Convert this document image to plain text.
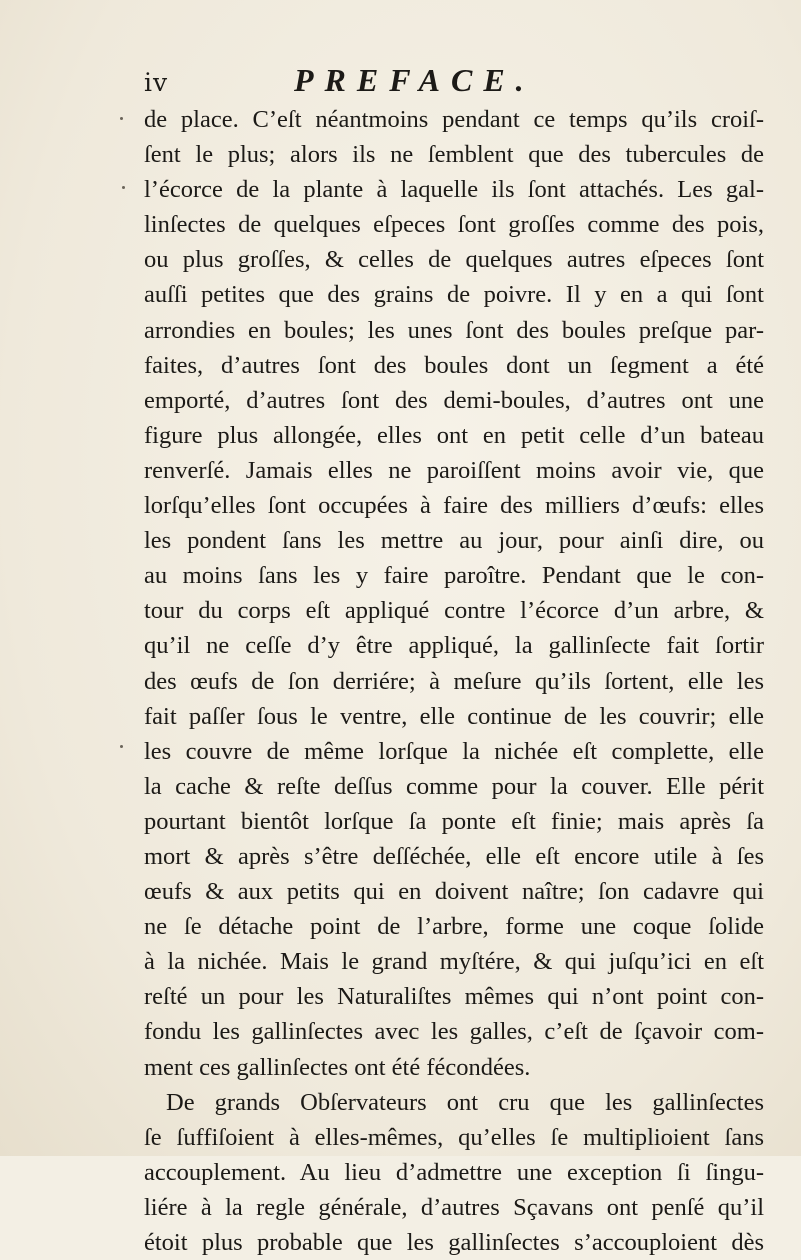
iv	PREFACE.
de place. C’eſt néantmoins pendant ce temps qu’ils croiſ-
ſent le plus; alors ils ne ſemblent que des tubercules de
l’écorce de la plante à laquelle ils ſont attachés. Les gal-
linſectes de quelques eſpeces ſont groſſes comme des pois,
ou plus groſſes, & celles de quelques autres eſpeces ſont
auſſi petites que des grains de poivre. Il y en a qui ſont
arrondies en boules; les unes ſont des boules preſque par-
faites, d’autres ſont des boules dont un ſegment a été
emporté, d’autres ſont des demi-boules, d’autres ont une
figure plus allongée, elles ont en petit celle d’un bateau
renverſé. Jamais elles ne paroiſſent moins avoir vie, que
lorſqu’elles ſont occupées à faire des milliers d’œufs: elles
les pondent ſans les mettre au jour, pour ainſi dire, ou
au moins ſans les y faire paroître. Pendant que le con-
tour du corps eſt appliqué contre l’écorce d’un arbre, &
qu’il ne ceſſe d’y être appliqué, la gallinſecte fait ſortir
des œufs de ſon derriére; à meſure qu’ils ſortent, elle les
fait paſſer ſous le ventre, elle continue de les couvrir; elle
les couvre de même lorſque la nichée eſt complette, elle
la cache & reſte deſſus comme pour la couver. Elle périt
pourtant bientôt lorſque ſa ponte eſt finie; mais après ſa
mort & après s’être deſſéchée, elle eſt encore utile à ſes
œufs & aux petits qui en doivent naître; ſon cadavre qui
ne ſe détache point de l’arbre, forme une coque ſolide
à la nichée. Mais le grand myſtére, & qui juſqu’ici en eſt
reſté un pour les Naturaliſtes mêmes qui n’ont point con-
fondu les gallinſectes avec les galles, c’eſt de ſçavoir com-
ment ces gallinſectes ont été fécondées.
De grands Obſervateurs ont cru que les gallinſectes
ſe ſuffiſoient à elles-mêmes, qu’elles ſe multiplioient ſans
accouplement. Au lieu d’admettre une exception ſi ſingu-
liére à la regle générale, d’autres Sçavans ont penſé qu’il
étoit plus probable que les gallinſectes s’accouploient dès
